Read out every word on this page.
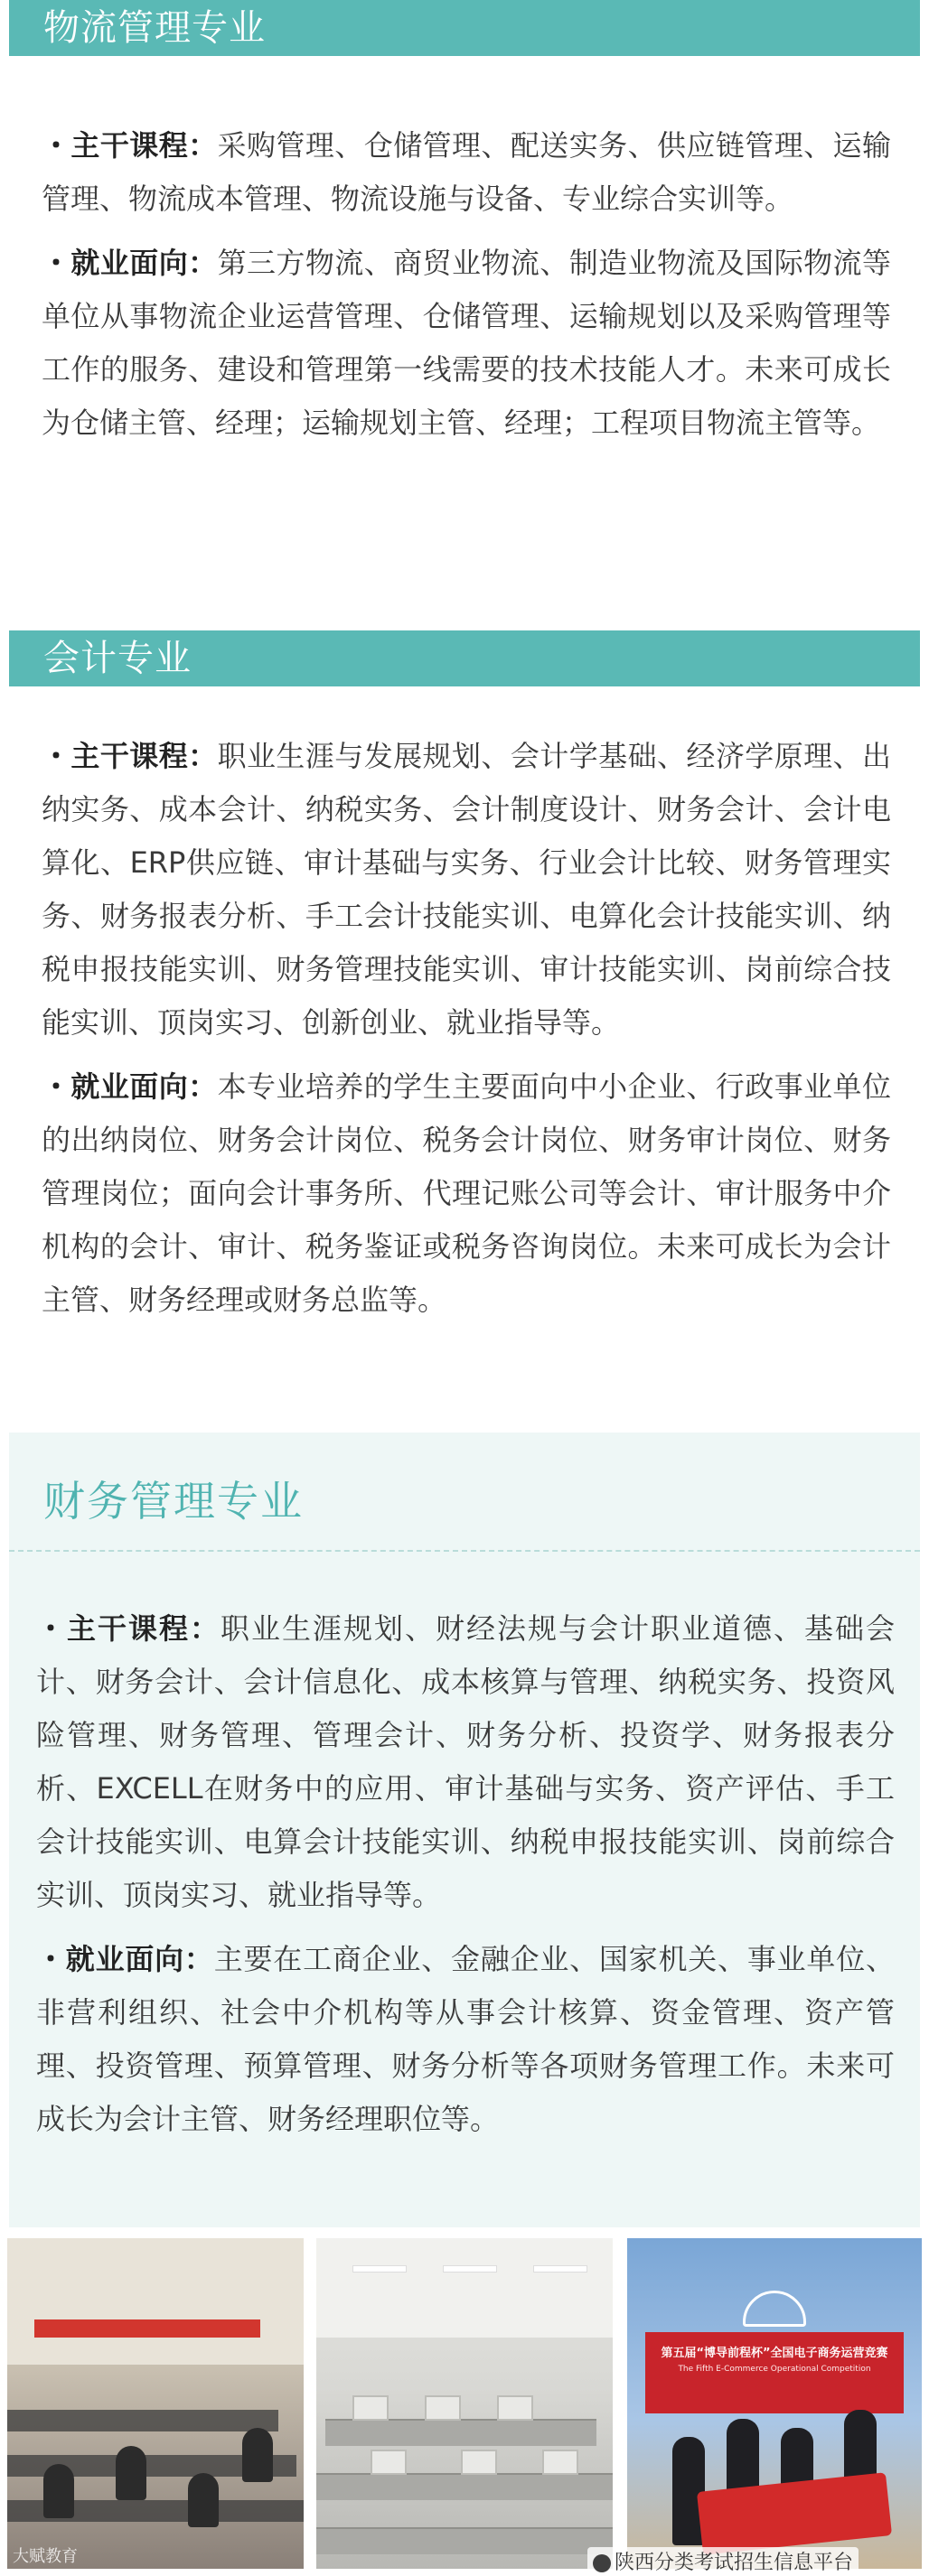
物流管理专业

・主干课程：采购管理、仓储管理、配送实务、供应链管理、运输管理、物流成本管理、物流设施与设备、专业综合实训等。

・就业面向：第三方物流、商贸业物流、制造业物流及国际物流等单位从事物流企业运营管理、仓储管理、运输规划以及采购管理等工作的服务、建设和管理第一线需要的技术技能人才。未来可成长为仓储主管、经理；运输规划主管、经理；工程项目物流主管等。

会计专业

・主干课程：职业生涯与发展规划、会计学基础、经济学原理、出纳实务、成本会计、纳税实务、会计制度设计、财务会计、会计电算化、ERP供应链、审计基础与实务、行业会计比较、财务管理实务、财务报表分析、手工会计技能实训、电算化会计技能实训、纳税申报技能实训、财务管理技能实训、审计技能实训、岗前综合技能实训、顶岗实习、创新创业、就业指导等。

・就业面向：本专业培养的学生主要面向中小企业、行政事业单位的出纳岗位、财务会计岗位、税务会计岗位、财务审计岗位、财务管理岗位；面向会计事务所、代理记账公司等会计、审计服务中介机构的会计、审计、税务鉴证或税务咨询岗位。未来可成长为会计主管、财务经理或财务总监等。

财务管理专业

・主干课程：职业生涯规划、财经法规与会计职业道德、基础会计、财务会计、会计信息化、成本核算与管理、纳税实务、投资风险管理、财务管理、管理会计、财务分析、投资学、财务报表分析、EXCELL在财务中的应用、审计基础与实务、资产评估、手工会计技能实训、电算会计技能实训、纳税申报技能实训、岗前综合实训、顶岗实习、就业指导等。

・就业面向：主要在工商企业、金融企业、国家机关、事业单位、非营利组织、社会中介机构等从事会计核算、资金管理、资产管理、投资管理、预算管理、财务分析等各项财务管理工作。未来可成长为会计主管、财务经理职位等。

大赋教育
第五届“博导前程杯”全国电子商务运营竞赛
The Fifth E-Commerce Operational Competition
陕西分类考试招生信息平台
